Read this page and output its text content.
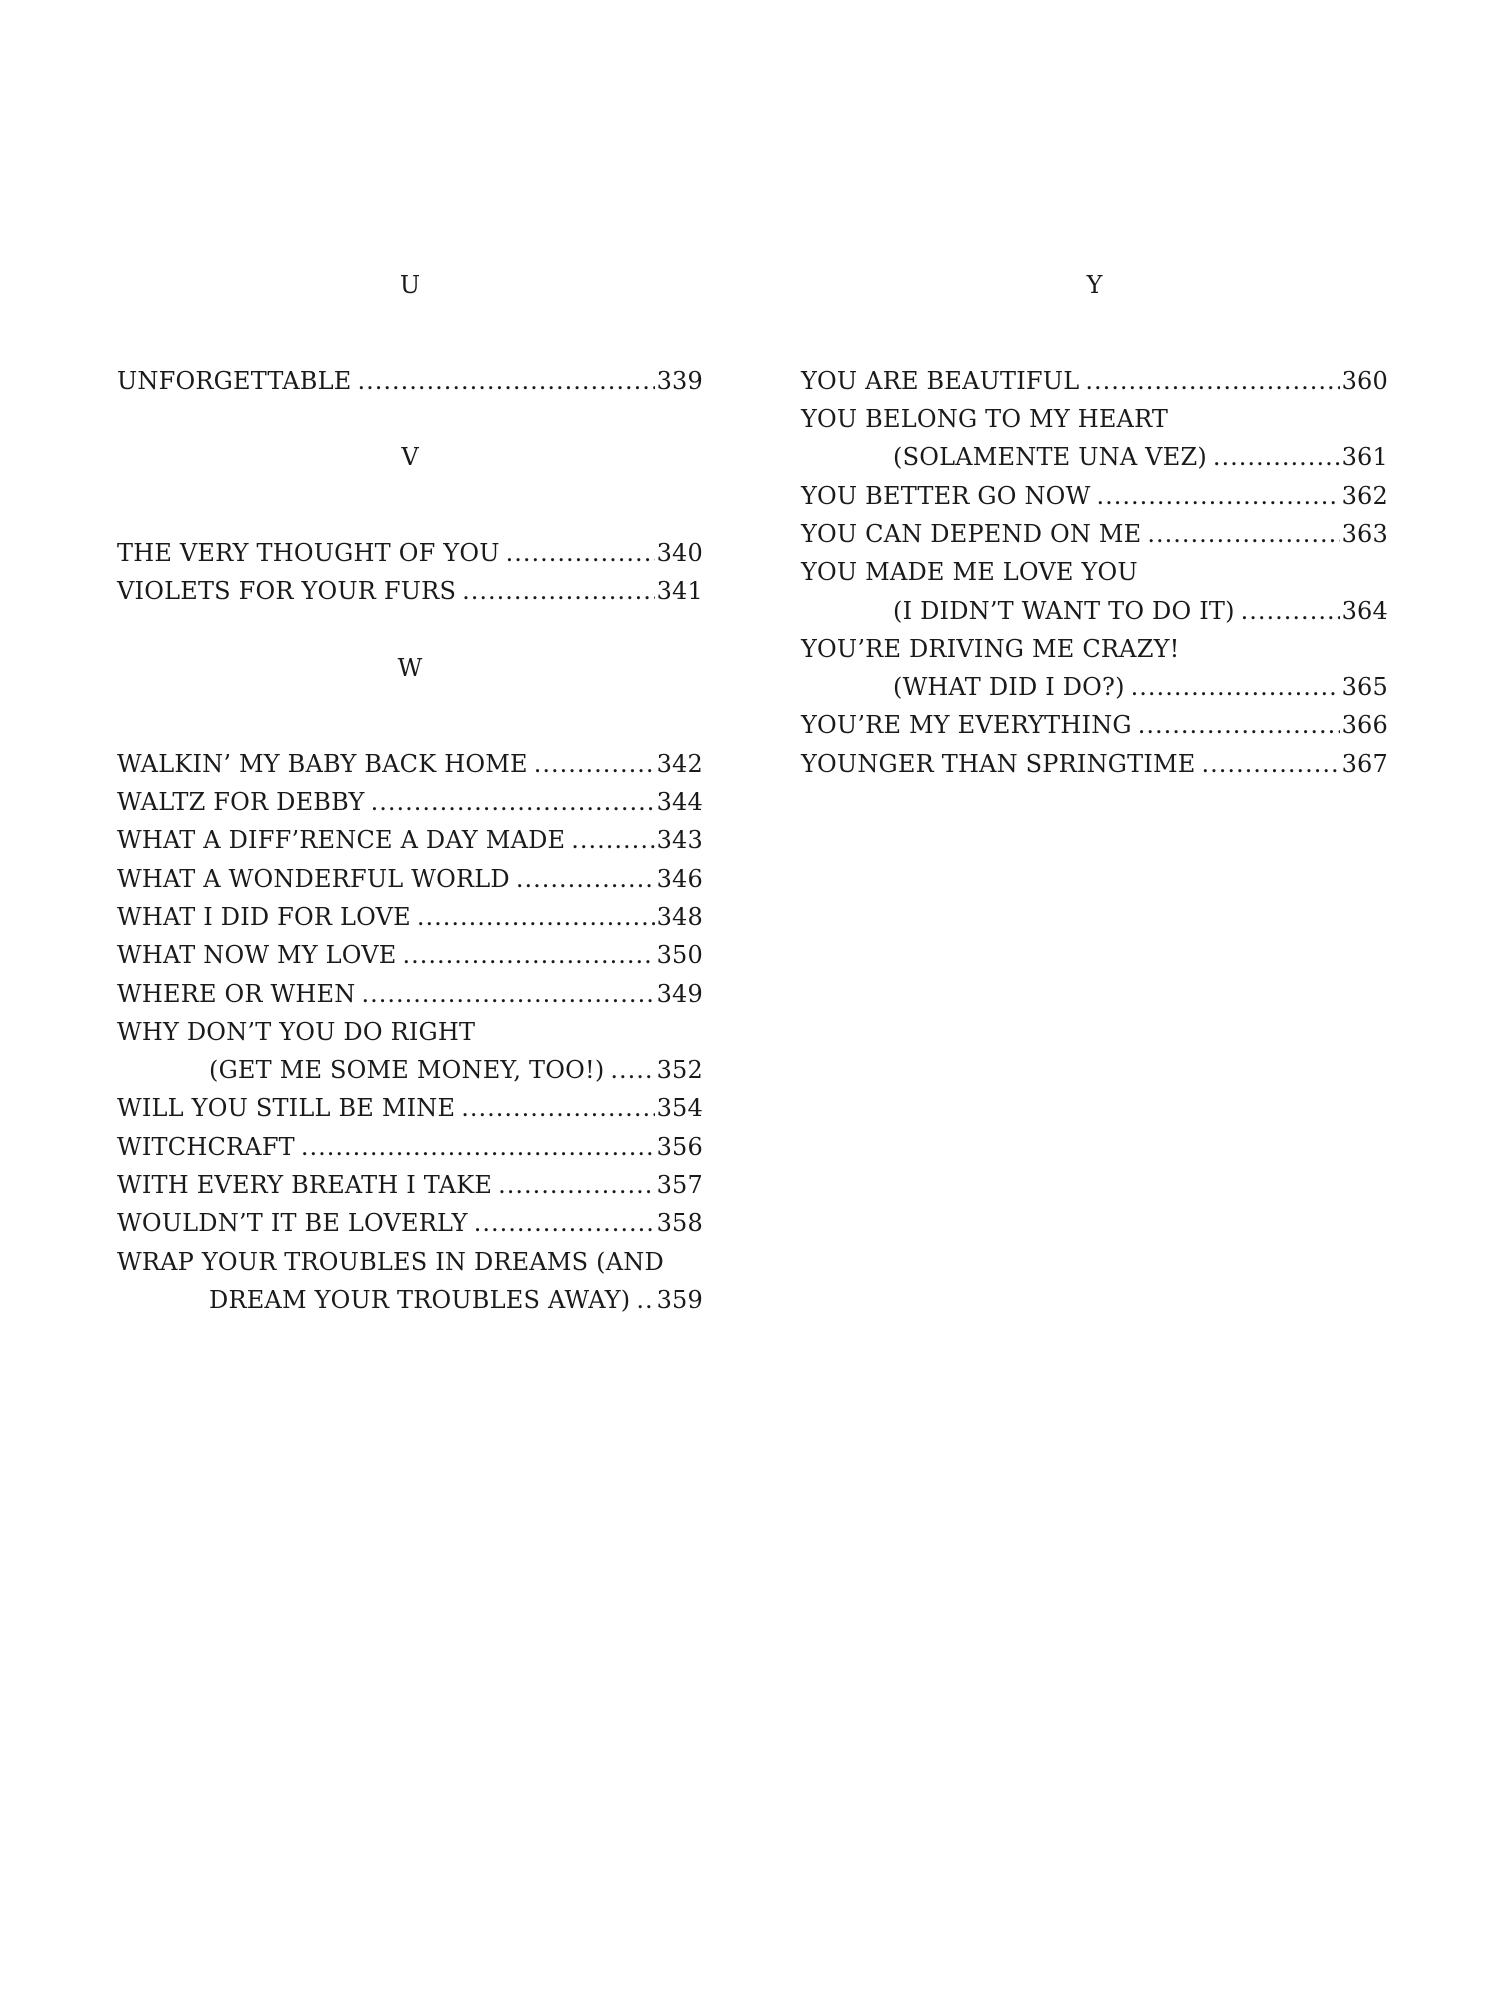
U
UNFORGETTABLE .....	339
V
THE VERY THOUGHT OF YOU .....	340
VIOLETS FOR YOUR FURS .....	341
W
WALKIN’ MY BABY BACK HOME .....	342
WALTZ FOR DEBBY .....	344
WHAT A DIFF’RENCE A DAY MADE .....	343
WHAT A WONDERFUL WORLD .....	346
WHAT I DID FOR LOVE .....	348
WHAT NOW MY LOVE .....	350
WHERE OR WHEN .....	349
WHY DON’T YOU DO RIGHT
(GET ME SOME MONEY, TOO!) ..... 352
WILL YOU STILL BE MINE .....	354
WITCHCRAFT .....	356
WITH EVERY BREATH I TAKE .....	357
WOULDN’T IT BE LOVERLY .....	358
WRAP YOUR TROUBLES IN DREAMS (AND
DREAM YOUR TROUBLES AWAY) ..... 359
Y
YOU ARE BEAUTIFUL .....	360
YOU BELONG TO MY HEART
(SOLAMENTE UNA VEZ) .....	361
YOU BETTER GO NOW .....	362
YOU CAN DEPEND ON ME .....	363
YOU MADE ME LOVE YOU
(I DIDN’T WANT TO DO IT) .....	364
YOU’RE DRIVING ME CRAZY!
(WHAT DID I DO?) .....	365
YOU’RE MY EVERYTHING .....	366
YOUNGER THAN SPRINGTIME .....	367
